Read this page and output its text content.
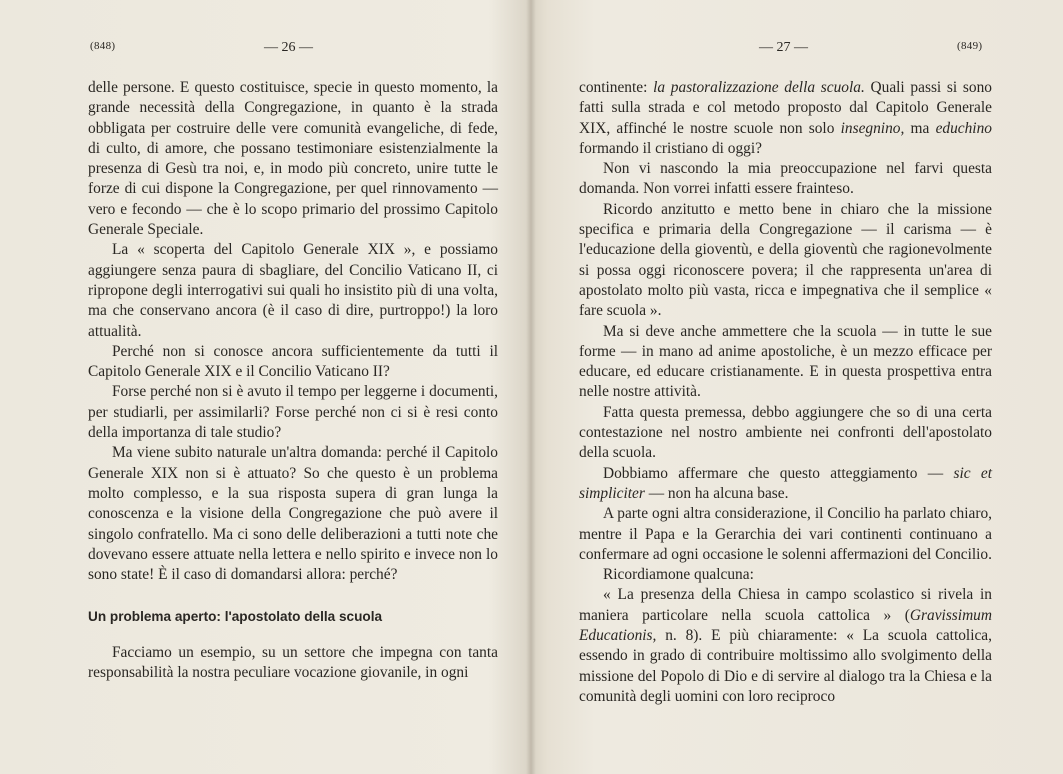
(848)	— 26 —

delle persone. E questo costituisce, specie in questo momento, la grande necessità della Congregazione, in quanto è la strada obbligata per costruire delle vere comunità evangeliche, di fede, di culto, di amore, che possano testimoniare esistenzialmente la presenza di Gesù tra noi, e, in modo più concreto, unire tutte le forze di cui dispone la Congregazione, per quel rinnovamento — vero e fecondo — che è lo scopo primario del prossimo Capitolo Generale Speciale.

La « scoperta del Capitolo Generale XIX », e possiamo aggiungere senza paura di sbagliare, del Concilio Vaticano II, ci ripropone degli interrogativi sui quali ho insistito più di una volta, ma che conservano ancora (è il caso di dire, purtroppo!) la loro attualità.

Perché non si conosce ancora sufficientemente da tutti il Capitolo Generale XIX e il Concilio Vaticano II?

Forse perché non si è avuto il tempo per leggerne i documenti, per studiarli, per assimilarli? Forse perché non ci si è resi conto della importanza di tale studio?

Ma viene subito naturale un'altra domanda: perché il Capitolo Generale XIX non si è attuato? So che questo è un problema molto complesso, e la sua risposta supera di gran lunga la conoscenza e la visione della Congregazione che può avere il singolo confratello. Ma ci sono delle deliberazioni a tutti note che dovevano essere attuate nella lettera e nello spirito e invece non lo sono state! È il caso di domandarsi allora: perché?

Un problema aperto: l'apostolato della scuola

Facciamo un esempio, su un settore che impegna con tanta responsabilità la nostra peculiare vocazione giovanile, in ogni

— 27 —	(849)

continente: la pastoralizzazione della scuola. Quali passi si sono fatti sulla strada e col metodo proposto dal Capitolo Generale XIX, affinché le nostre scuole non solo insegnino, ma educhino formando il cristiano di oggi?

Non vi nascondo la mia preoccupazione nel farvi questa domanda. Non vorrei infatti essere frainteso.

Ricordo anzitutto e metto bene in chiaro che la missione specifica e primaria della Congregazione — il carisma — è l'educazione della gioventù, e della gioventù che ragionevolmente si possa oggi riconoscere povera; il che rappresenta un'area di apostolato molto più vasta, ricca e impegnativa che il semplice « fare scuola ».

Ma si deve anche ammettere che la scuola — in tutte le sue forme — in mano ad anime apostoliche, è un mezzo efficace per educare, ed educare cristianamente. E in questa prospettiva entra nelle nostre attività.

Fatta questa premessa, debbo aggiungere che so di una certa contestazione nel nostro ambiente nei confronti dell'apostolato della scuola.

Dobbiamo affermare che questo atteggiamento — sic et simpliciter — non ha alcuna base.

A parte ogni altra considerazione, il Concilio ha parlato chiaro, mentre il Papa e la Gerarchia dei vari continenti continuano a confermare ad ogni occasione le solenni affermazioni del Concilio.

Ricordiamone qualcuna:

« La presenza della Chiesa in campo scolastico si rivela in maniera particolare nella scuola cattolica » (Gravissimum Educationis, n. 8). E più chiaramente: « La scuola cattolica, essendo in grado di contribuire moltissimo allo svolgimento della missione del Popolo di Dio e di servire al dialogo tra la Chiesa e la comunità degli uomini con loro reciproco
